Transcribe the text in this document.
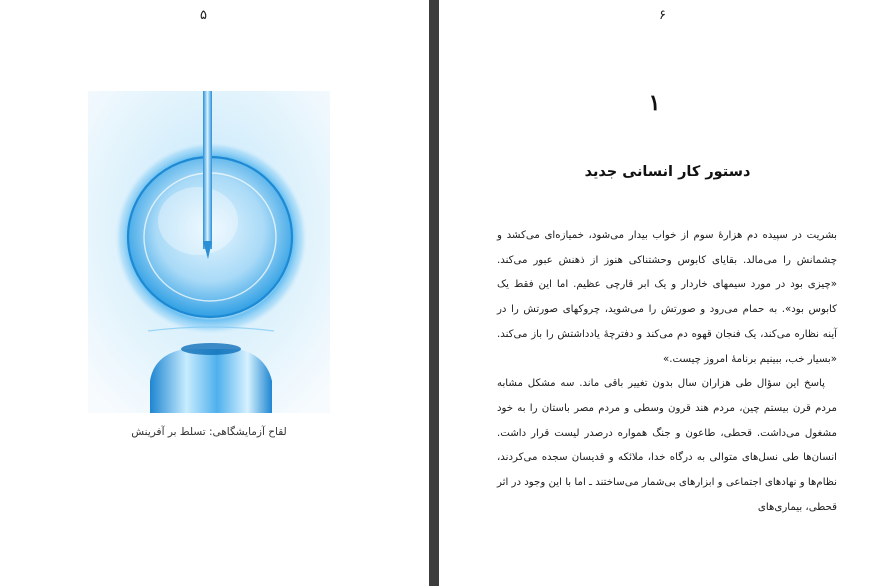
۵
لقاح آزمایشگاهی: تسلط بر آفرینش
۶
۱
دستور کار انسانی جدید

بشریت در سپیده دم هزارهٔ سوم از خواب بیدار می‌شود، خمیازه‌ای می‌کشد و چشمانش را می‌مالد. بقایای کابوس وحشتناکی هنوز از ذهنش عبور می‌کند. «چیزی بود در مورد سیمهای خاردار و یک ابر قارچی عظیم. اما این فقط یک کابوس بود». به حمام می‌رود و صورتش را می‌شوید، چروکهای صورتش را در آینه نظاره می‌کند، یک فنجان قهوه دم می‌کند و دفترچهٔ یادداشتش را باز می‌کند. «بسیار خب، ببینیم برنامهٔ امروز چیست.»

پاسخ این سؤال طی هزاران سال بدون تغییر باقی ماند. سه مشکل مشابه مردم قرن بیستم چین، مردم هند قرون وسطی و مردم مصر باستان را به خود مشغول می‌داشت. قحطی، طاعون و جنگ همواره درصدر لیست قرار داشت. انسان‌ها طی نسل‌های متوالی به درگاه خدا، ملائکه و قدیسان سجده می‌کردند، نظام‌ها و نهادهای اجتماعی و ابزارهای بی‌شمار می‌ساختند ـ اما با این وجود در اثر قحطی، بیماری‌های
